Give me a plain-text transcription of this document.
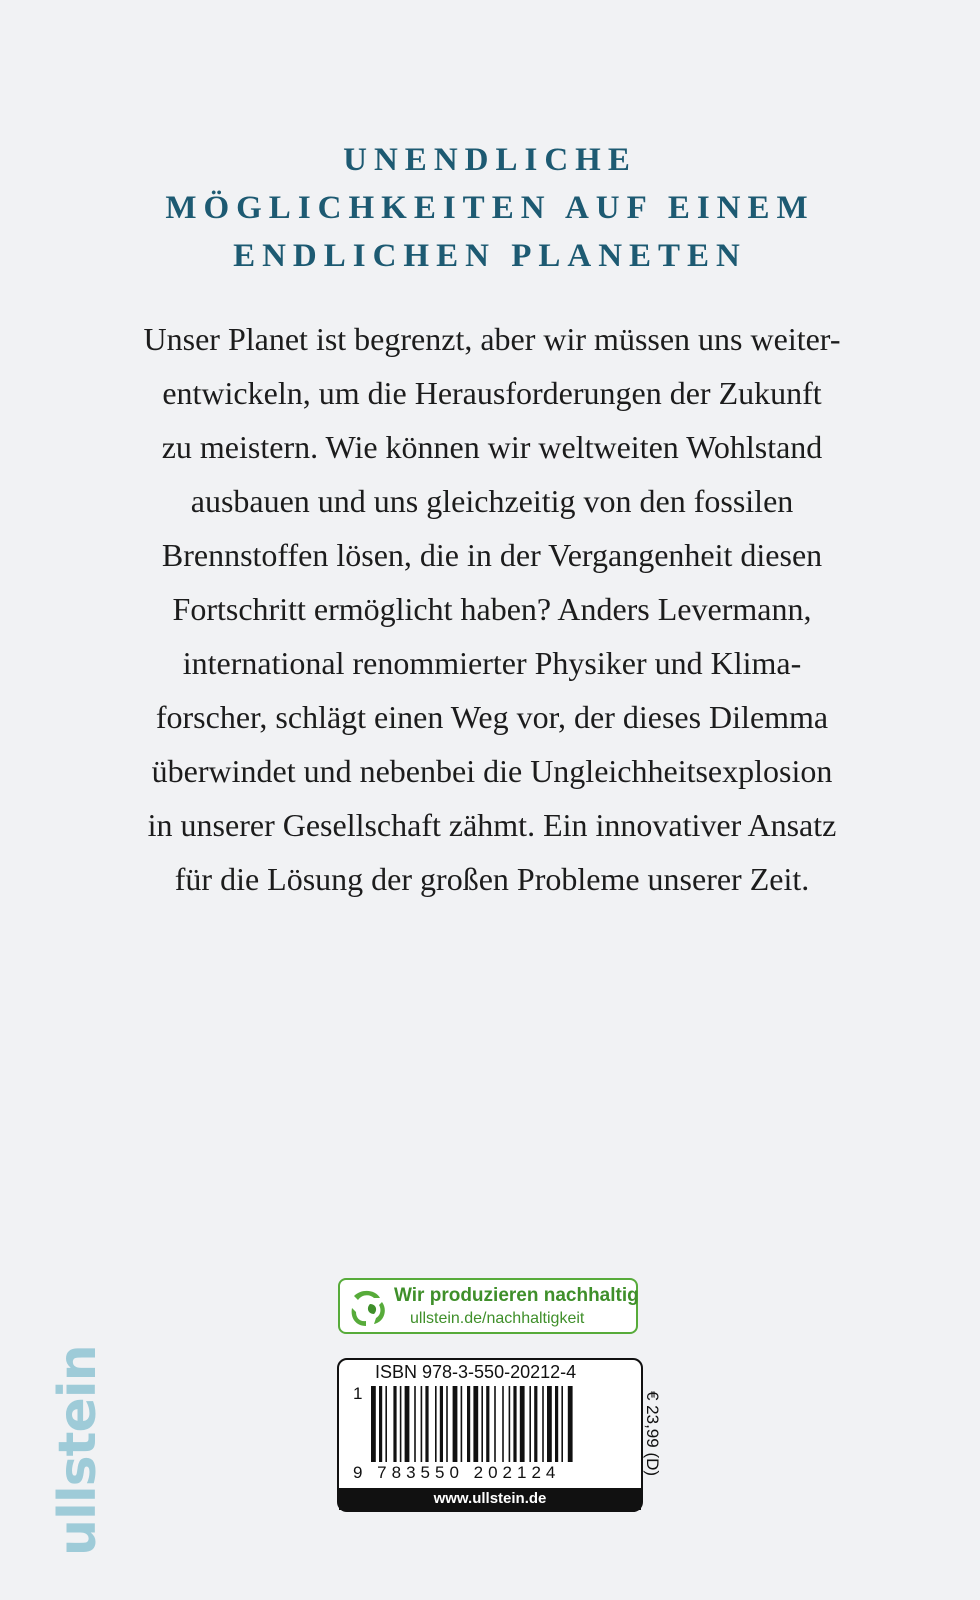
UNENDLICHE
MÖGLICHKEITEN AUF EINEM
ENDLICHEN PLANETEN
Unser Planet ist begrenzt, aber wir müssen uns weiter-
entwickeln, um die Herausforderungen der Zukunft
zu meistern. Wie können wir weltweiten Wohlstand
ausbauen und uns gleichzeitig von den fossilen
Brennstoffen lösen, die in der Vergangenheit diesen
Fortschritt ermöglicht haben? Anders Levermann,
international renommierter Physiker und Klima-
forscher, schlägt einen Weg vor, der dieses Dilemma
überwindet und nebenbei die Ungleichheitsexplosion
in unserer Gesellschaft zähmt. Ein innovativer Ansatz
für die Lösung der großen Probleme unserer Zeit.
ullstein
Wir produzieren nachhaltig
ullstein.de/nachhaltigkeit
ISBN 978-3-550-20212-4
1
9 783550 202124	€ 23,99 (D)
www.ullstein.de
